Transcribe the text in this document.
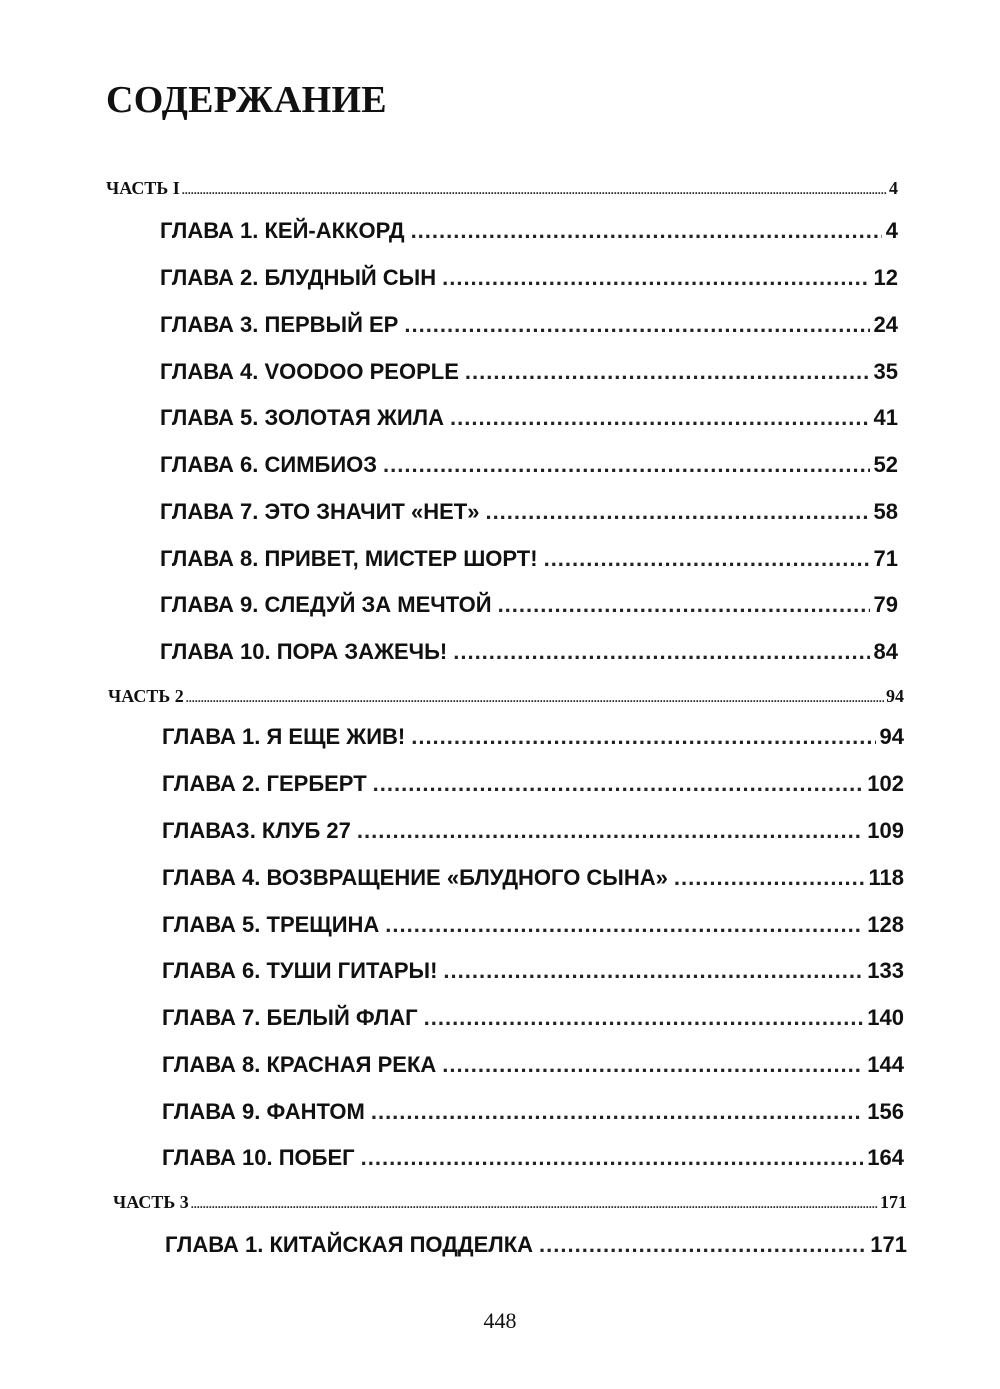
СОДЕРЖАНИЕ
ЧАСТЬ I .....	4
ГЛАВА 1. КЕЙ-АККОРД .....	4
ГЛАВА 2. БЛУДНЫЙ СЫН .....	12
ГЛАВА 3. ПЕРВЫЙ ЕР .....	24
ГЛАВА 4. VOODOO PEOPLE .....	35
ГЛАВА 5. ЗОЛОТАЯ ЖИЛА .....	41
ГЛАВА 6. СИМБИОЗ .....	52
ГЛАВА 7. ЭТО ЗНАЧИТ «НЕТ» .....	58
ГЛАВА 8. ПРИВЕТ, МИСТЕР ШОРТ! .....	71
ГЛАВА 9. СЛЕДУЙ ЗА МЕЧТОЙ .....	79
ГЛАВА 10. ПОРА ЗАЖЕЧЬ! .....	84
ЧАСТЬ 2 .....	94
ГЛАВА 1. Я ЕЩЕ ЖИВ! .....	94
ГЛАВА 2. ГЕРБЕРТ .....	102
ГЛАВАЗ. КЛУБ 27 .....	109
ГЛАВА 4. ВОЗВРАЩЕНИЕ «БЛУДНОГО СЫНА» .....	118
ГЛАВА 5. ТРЕЩИНА .....	128
ГЛАВА 6. ТУШИ ГИТАРЫ! .....	133
ГЛАВА 7. БЕЛЫЙ ФЛАГ .....	140
ГЛАВА 8. КРАСНАЯ РЕКА .....	144
ГЛАВА 9. ФАНТОМ .....	156
ГЛАВА 10. ПОБЕГ .....	164
ЧАСТЬ 3 .....	171
ГЛАВА 1. КИТАЙСКАЯ ПОДДЕЛКА .....	171
448
